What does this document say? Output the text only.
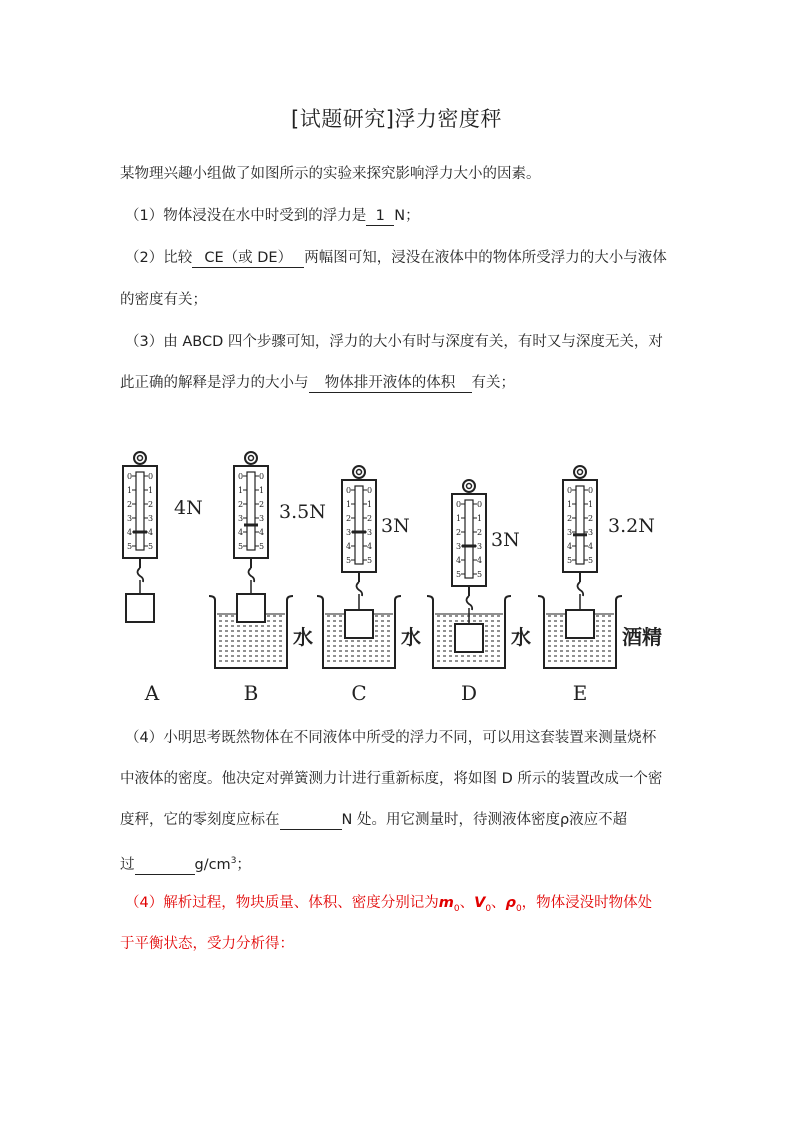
[试题研究]浮力密度秤
某物理兴趣小组做了如图所示的实验来探究影响浮力大小的因素。
（1）物体浸没在水中时受到的浮力是 1 N；
（2）比较 CE（或 DE） 两幅图可知，浸没在液体中的物体所受浮力的大小与液体
的密度有关；
（3）由 ABCD 四个步骤可知，浮力的大小有时与深度有关，有时又与深度无关，对
此正确的解释是浮力的大小与 物体排开液体的体积 有关；
0 0
1 1
2 2
3 3
4 4
5 5
4N
A
0 0
1 1
2 2
3 3
4 4
5 5
3.5N
水
B
0 0
1 1
2 2
3 3
4 4
5 5
3N
水
C
0 0
1 1
2 2
3 3
4 4
5 5
3N
水
D
0 0
1 1
2 2
3 3
4 4
5 5
3.2N
酒精
E
（4）小明思考既然物体在不同液体中所受的浮力不同，可以用这套装置来测量烧杯
中液体的密度。他决定对弹簧测力计进行重新标度，将如图 D 所示的装置改成一个密
度秤，它的零刻度应标在	N 处。用它测量时，待测液体密度ρ液应不超
过	$g/cm^3$；
（4）解析过程，物块质量、体积、密度分别记为$m_0$、$V_0$、$\rho_0$，物体浸没时物体处
于平衡状态，受力分析得：
